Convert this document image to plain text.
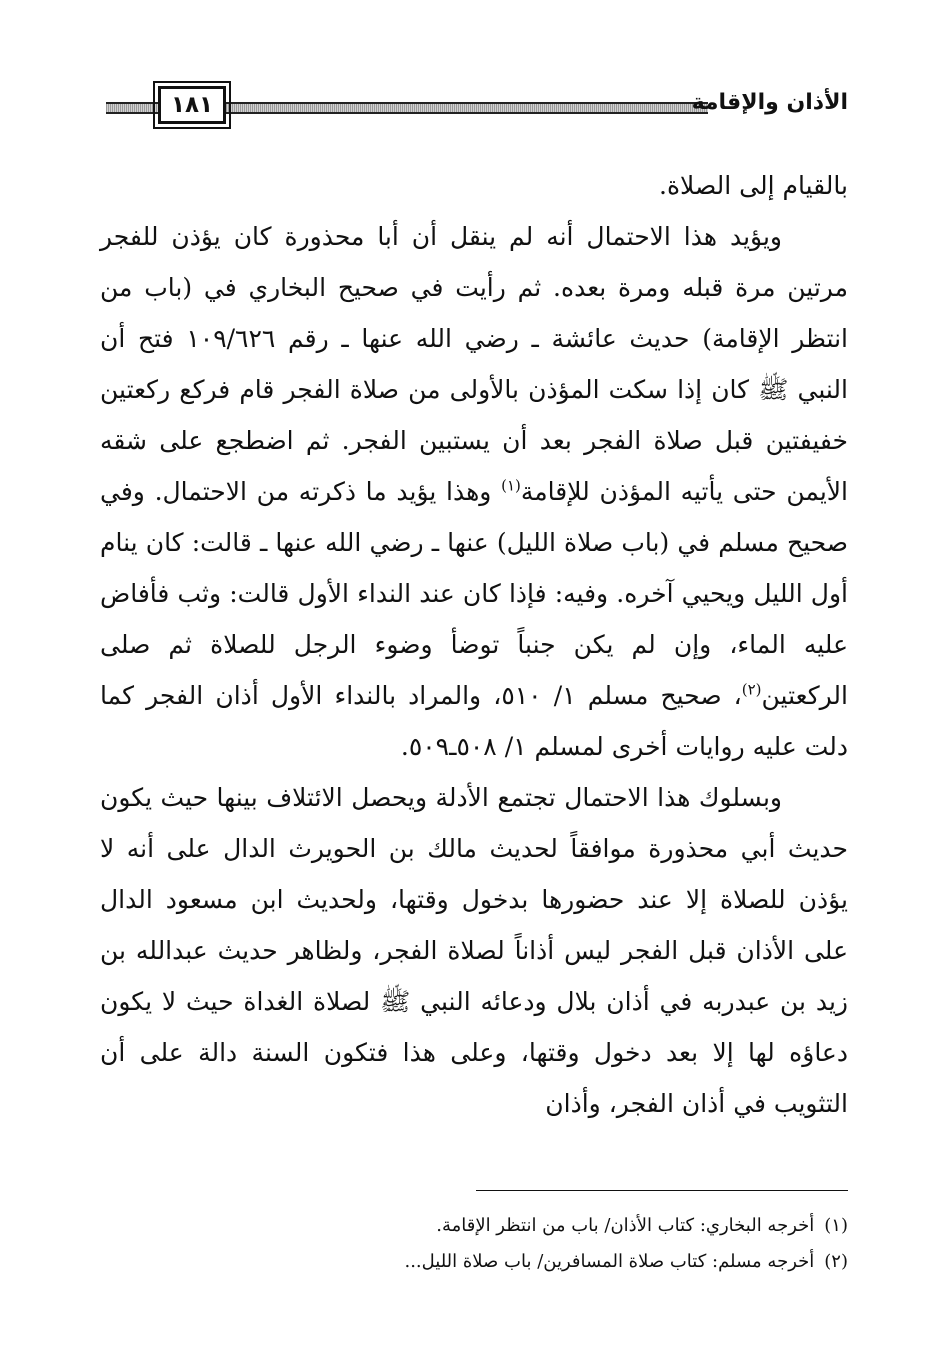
١٨١	الأذان والإقامة

بالقيام إلى الصلاة.

ويؤيد هذا الاحتمال أنه لم ينقل أن أبا محذورة كان يؤذن للفجر مرتين مرة قبله ومرة بعده. ثم رأيت في صحيح البخاري في (باب من انتظر الإقامة) حديث عائشة ـ رضي الله عنها ـ رقم ١٠٩/٦٢٦ فتح أن النبي ﷺ كان إذا سكت المؤذن بالأولى من صلاة الفجر قام فركع ركعتين خفيفتين قبل صلاة الفجر بعد أن يستبين الفجر. ثم اضطجع على شقه الأيمن حتى يأتيه المؤذن للإقامة$^{(١)}$ وهذا يؤيد ما ذكرته من الاحتمال. وفي صحيح مسلم في (باب صلاة الليل) عنها ـ رضي الله عنها ـ قالت: كان ينام أول الليل ويحيي آخره. وفيه: فإذا كان عند النداء الأول قالت: وثب فأفاض عليه الماء، وإن لم يكن جنباً توضأ وضوء الرجل للصلاة ثم صلى الركعتين$^{(٢)}$، صحيح مسلم ١/ ٥١٠، والمراد بالنداء الأول أذان الفجر كما دلت عليه روايات أخرى لمسلم ١/ ٥٠٨ـ٥٠٩.

وبسلوك هذا الاحتمال تجتمع الأدلة ويحصل الائتلاف بينها حيث يكون حديث أبي محذورة موافقاً لحديث مالك بن الحويرث الدال على أنه لا يؤذن للصلاة إلا عند حضورها بدخول وقتها، ولحديث ابن مسعود الدال على الأذان قبل الفجر ليس أذاناً لصلاة الفجر، ولظاهر حديث عبدالله بن زيد بن عبدربه في أذان بلال ودعائه النبي ﷺ لصلاة الغداة حيث لا يكون دعاؤه لها إلا بعد دخول وقتها، وعلى هذا فتكون السنة دالة على أن التثويب في أذان الفجر، وأذان

(١)أخرجه البخاري: كتاب الأذان/ باب من انتظر الإقامة.

(٢)أخرجه مسلم: كتاب صلاة المسافرين/ باب صلاة الليل...
